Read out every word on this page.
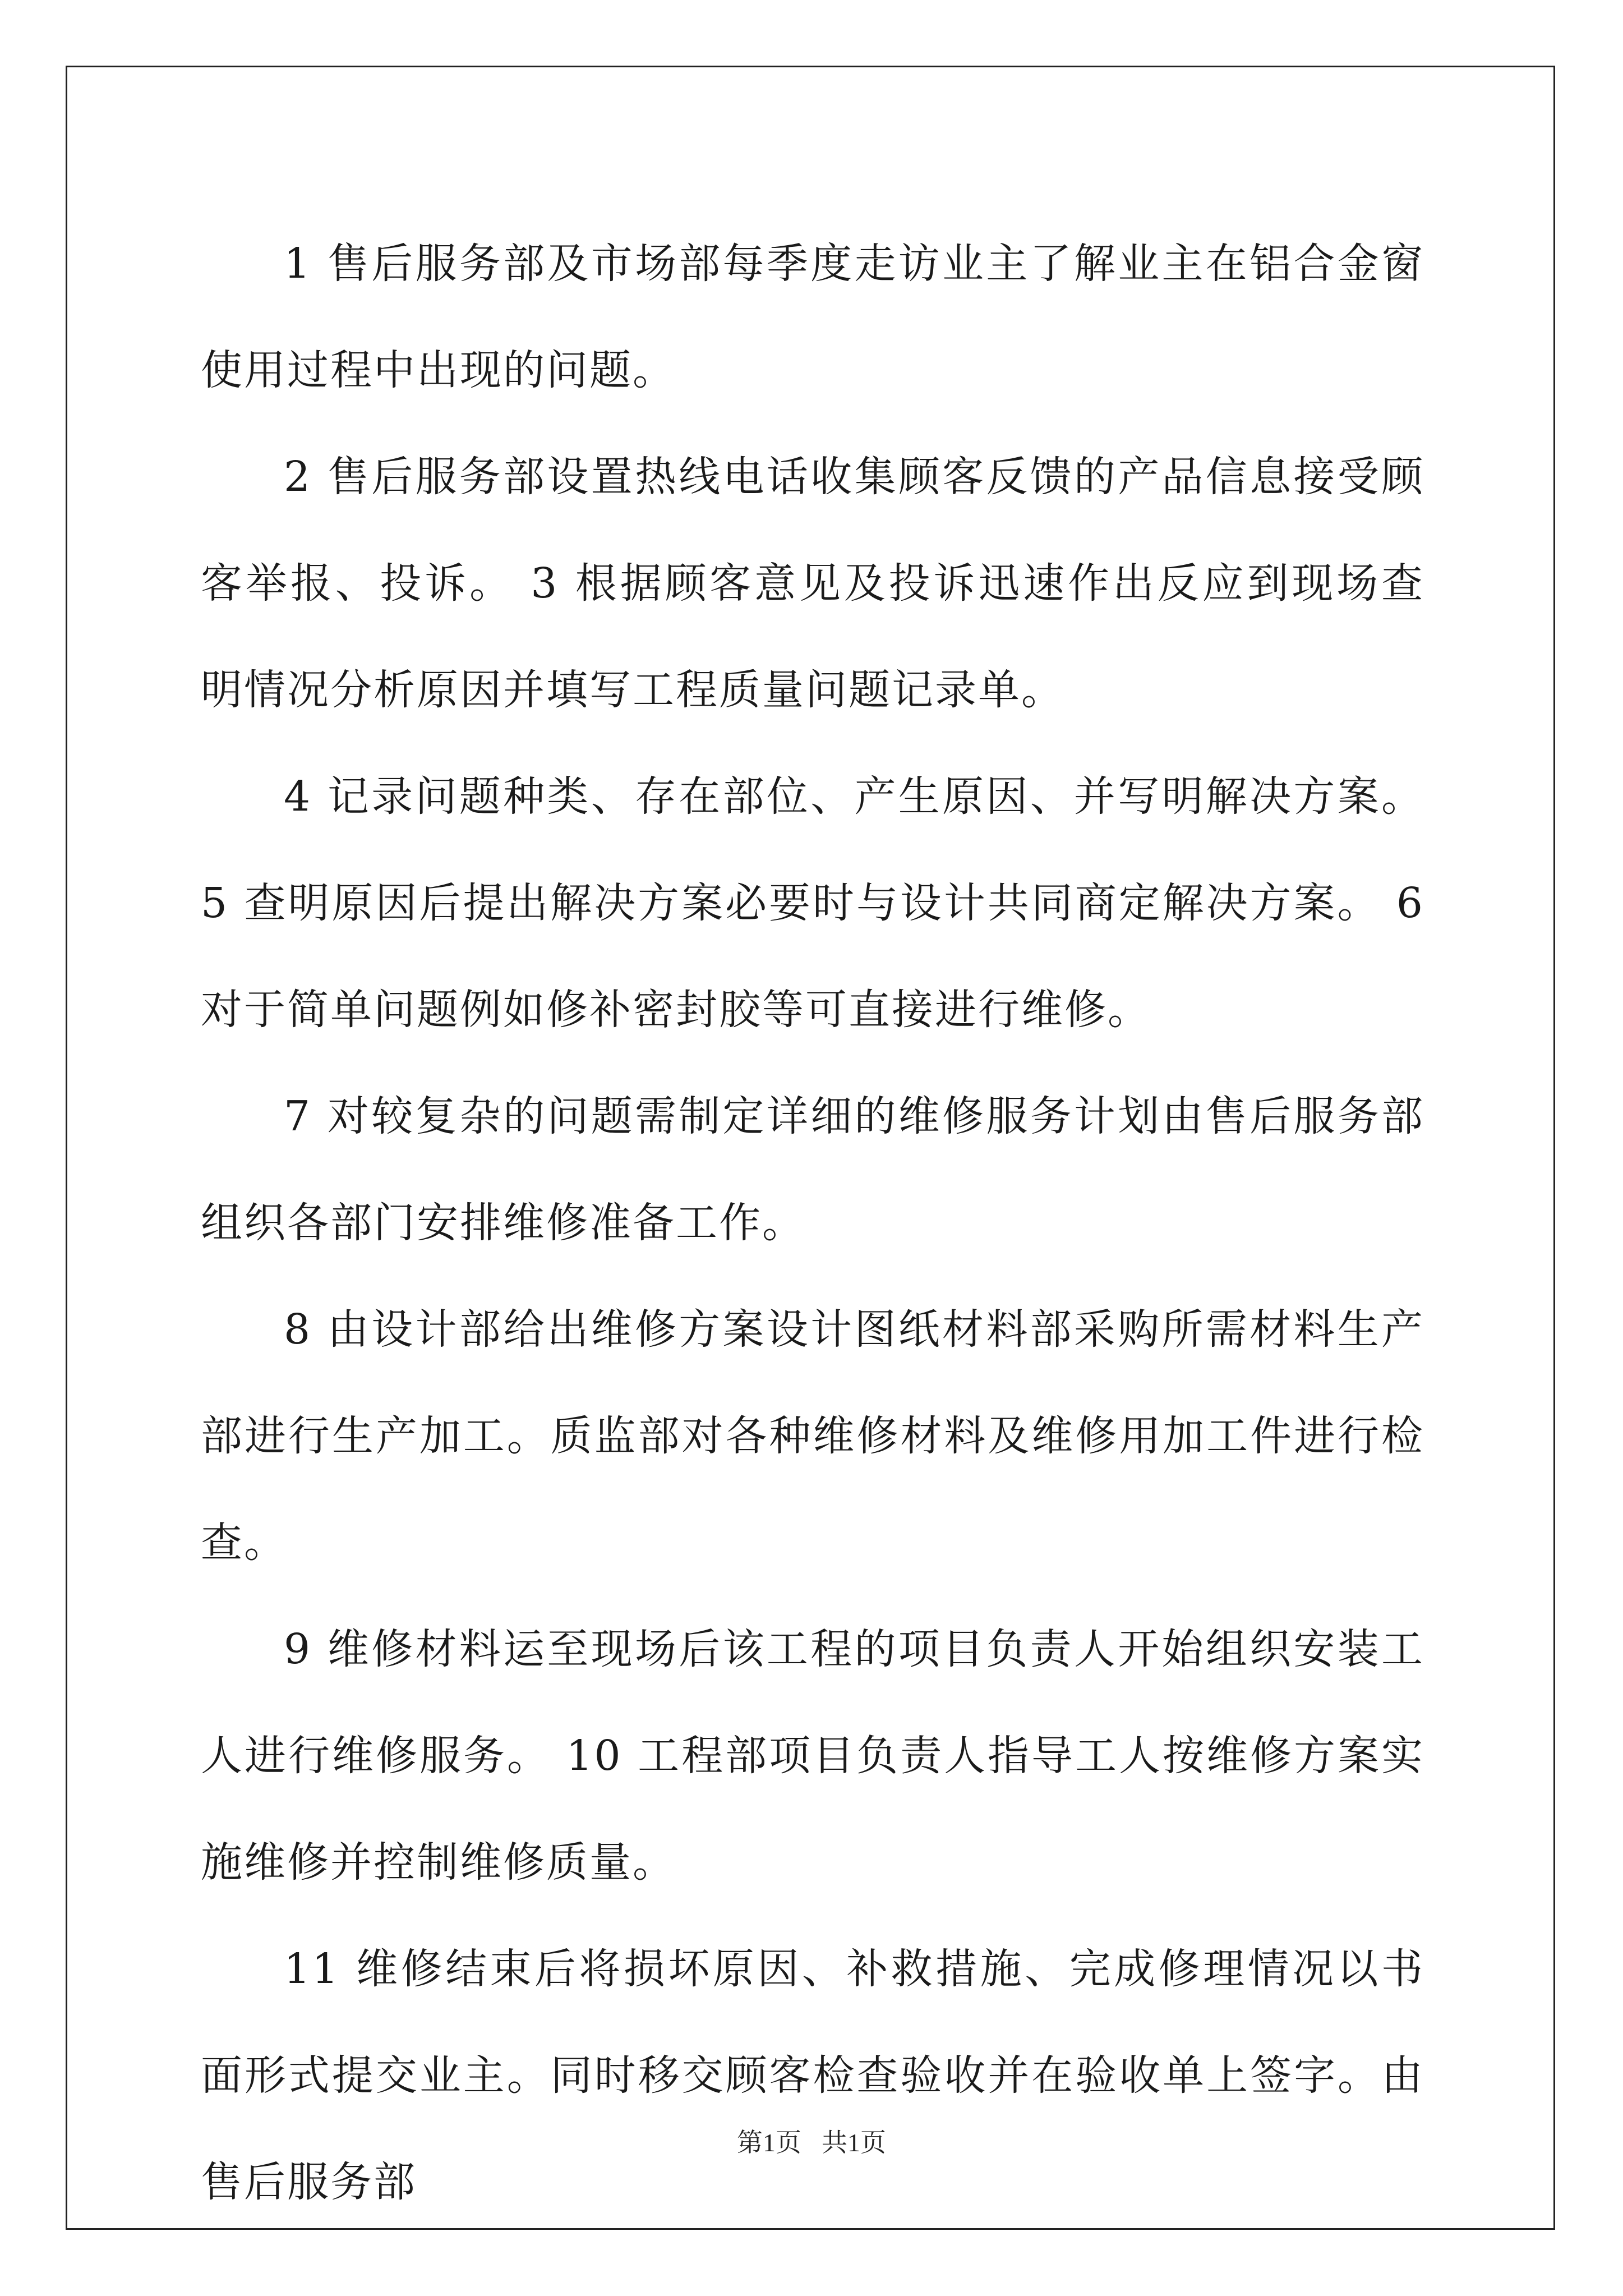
1 售后服务部及市场部每季度走访业主了解业主在铝合金窗使用过程中出现的问题。

2 售后服务部设置热线电话收集顾客反馈的产品信息接受顾客举报、投诉。 3 根据顾客意见及投诉迅速作出反应到现场查明情况分析原因并填写工程质量问题记录单。

4 记录问题种类、存在部位、产生原因、并写明解决方案。 5 查明原因后提出解决方案必要时与设计共同商定解决方案。 6 对于简单问题例如修补密封胶等可直接进行维修。

7 对较复杂的问题需制定详细的维修服务计划由售后服务部组织各部门安排维修准备工作。

8 由设计部给出维修方案设计图纸材料部采购所需材料生产部进行生产加工。质监部对各种维修材料及维修用加工件进行检查。

9 维修材料运至现场后该工程的项目负责人开始组织安装工人进行维修服务。 10 工程部项目负责人指导工人按维修方案实施维修并控制维修质量。

11 维修结束后将损坏原因、补救措施、完成修理情况以书面形式提交业主。同时移交顾客检查验收并在验收单上签字。由售后服务部

第1页 共1页
